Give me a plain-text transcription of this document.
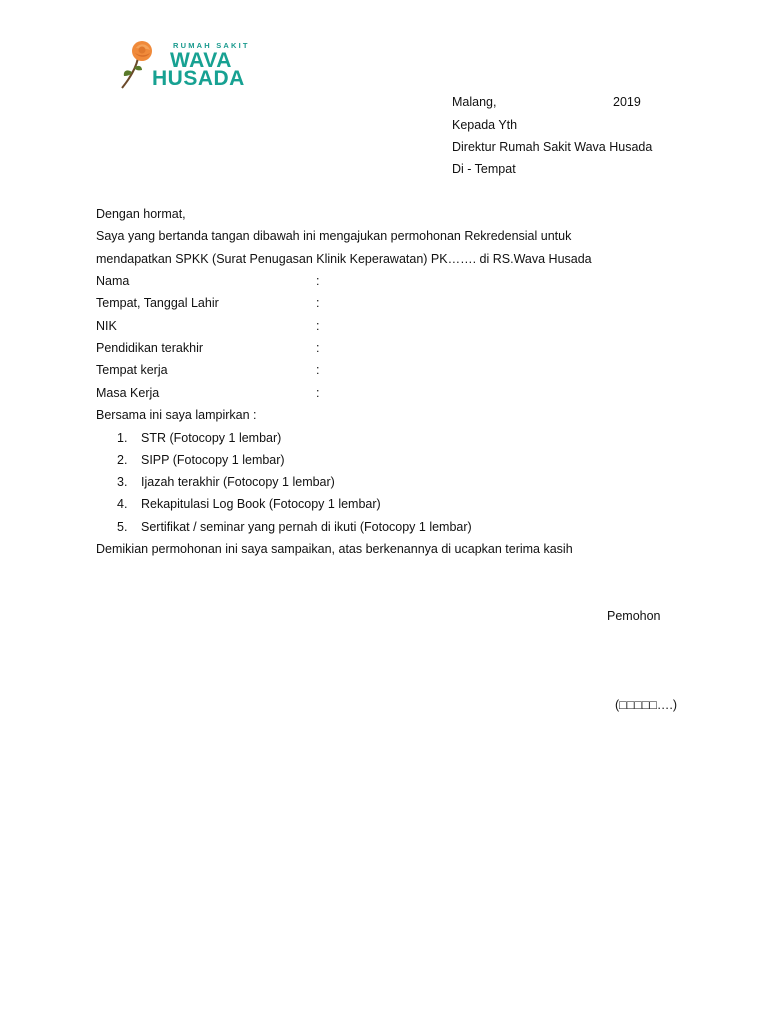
RUMAH SAKIT
WAVA
HUSADA
Malang,	2019
Kepada Yth
Direktur Rumah Sakit Wava Husada
Di - Tempat
Dengan hormat,
Saya yang bertanda tangan dibawah ini mengajukan permohonan Rekredensial untuk
mendapatkan SPKK (Surat Penugasan Klinik Keperawatan) PK……. di RS.Wava Husada
Nama	:
Tempat, Tanggal Lahir	:
NIK	:
Pendidikan terakhir	:
Tempat kerja	:
Masa Kerja	:
Bersama ini saya lampirkan :
1. STR (Fotocopy 1 lembar)
2. SIPP (Fotocopy 1 lembar)
3. Ijazah terakhir (Fotocopy 1 lembar)
4. Rekapitulasi Log Book (Fotocopy 1 lembar)
5. Sertifikat / seminar yang pernah di ikuti (Fotocopy 1 lembar)
Demikian permohonan ini saya sampaikan, atas berkenannya di ucapkan terima kasih
Pemohon
(□□□□□….)
